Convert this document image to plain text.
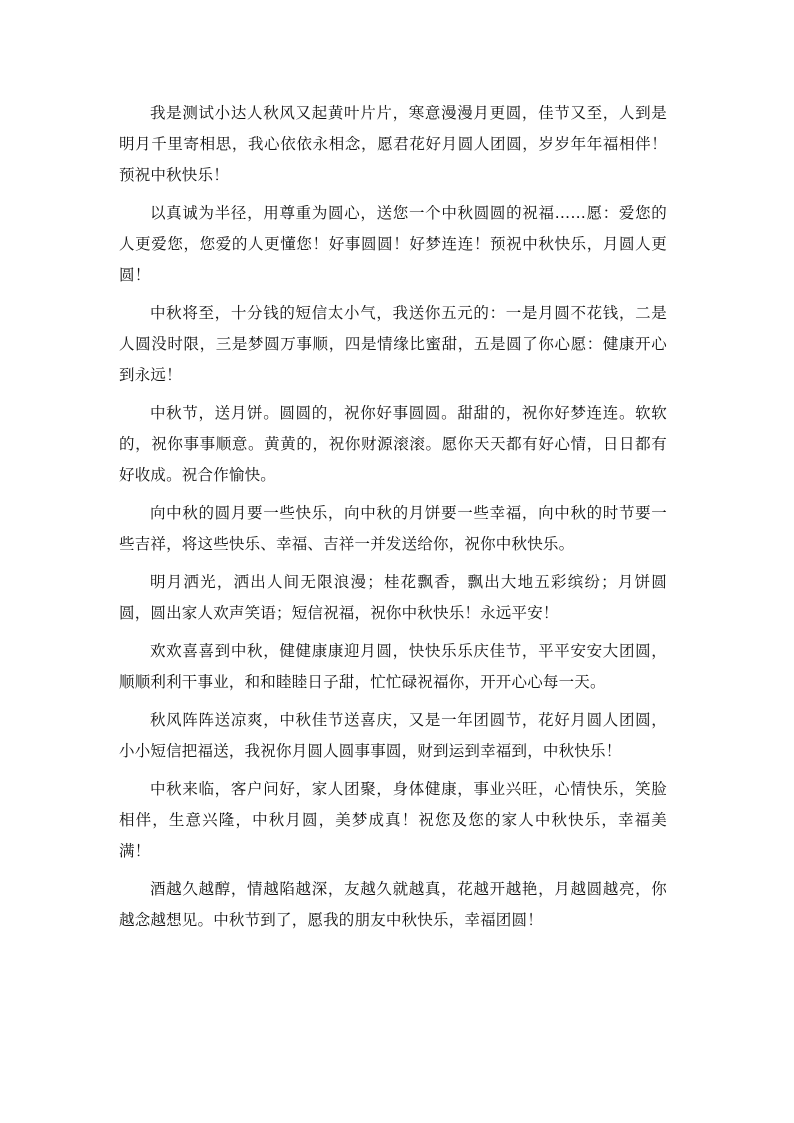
我是测试小达人秋风又起黄叶片片，寒意漫漫月更圆，佳节又至，人到是明月千里寄相思，我心依依永相念，愿君花好月圆人团圆，岁岁年年福相伴！预祝中秋快乐！

以真诚为半径，用尊重为圆心，送您一个中秋圆圆的祝福……愿：爱您的人更爱您，您爱的人更懂您！好事圆圆！好梦连连！预祝中秋快乐，月圆人更圆！

中秋将至，十分钱的短信太小气，我送你五元的：一是月圆不花钱，二是人圆没时限，三是梦圆万事顺，四是情缘比蜜甜，五是圆了你心愿：健康开心到永远！

中秋节，送月饼。圆圆的，祝你好事圆圆。甜甜的，祝你好梦连连。软软的，祝你事事顺意。黄黄的，祝你财源滚滚。愿你天天都有好心情，日日都有好收成。祝合作愉快。

向中秋的圆月要一些快乐，向中秋的月饼要一些幸福，向中秋的时节要一些吉祥，将这些快乐、幸福、吉祥一并发送给你，祝你中秋快乐。

明月洒光，洒出人间无限浪漫；桂花飘香，飘出大地五彩缤纷；月饼圆圆，圆出家人欢声笑语；短信祝福，祝你中秋快乐！永远平安！

欢欢喜喜到中秋，健健康康迎月圆，快快乐乐庆佳节，平平安安大团圆，顺顺利利干事业，和和睦睦日子甜，忙忙碌祝福你，开开心心每一天。

秋风阵阵送凉爽，中秋佳节送喜庆，又是一年团圆节，花好月圆人团圆，小小短信把福送，我祝你月圆人圆事事圆，财到运到幸福到，中秋快乐！

中秋来临，客户问好，家人团聚，身体健康，事业兴旺，心情快乐，笑脸相伴，生意兴隆，中秋月圆，美梦成真！祝您及您的家人中秋快乐，幸福美满！

酒越久越醇，情越陷越深，友越久就越真，花越开越艳，月越圆越亮，你越念越想见。中秋节到了，愿我的朋友中秋快乐，幸福团圆！
